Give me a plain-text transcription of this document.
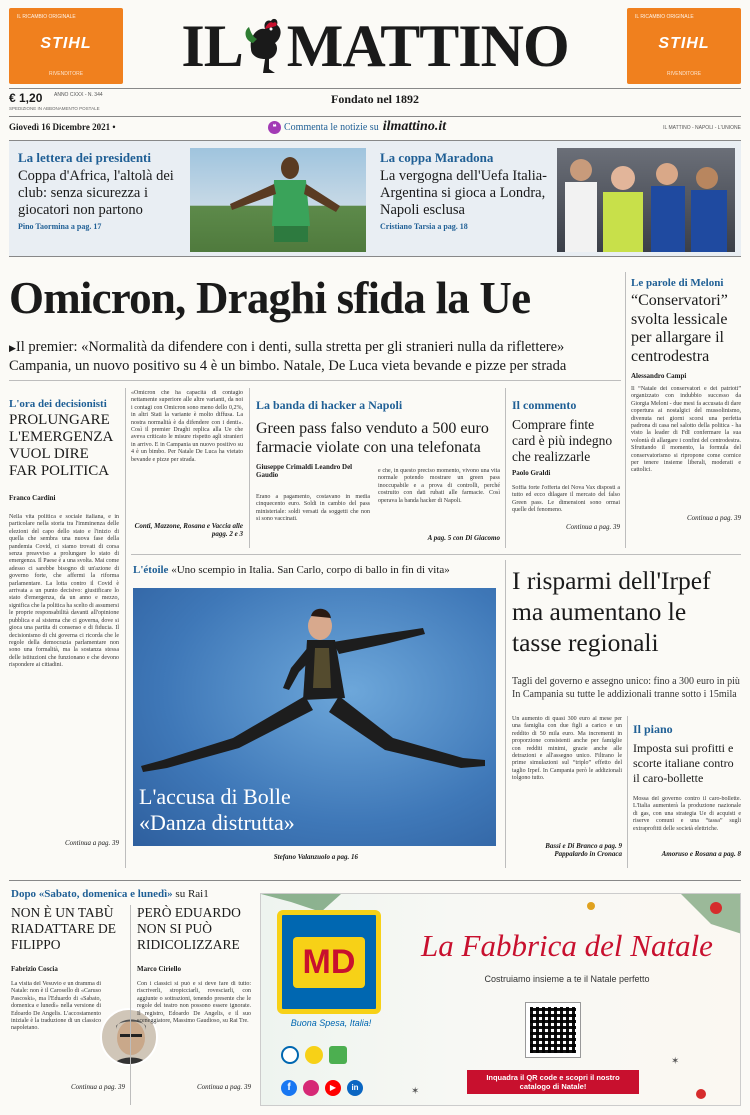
IL RICAMBIO ORIGINALE
STIHL
RIVENDITORE
IL RICAMBIO ORIGINALE
STIHL
RIVENDITORE
IL MATTINO
€ 1,20 ANNO CXXX - N. 344
SPEDIZIONE IN ABBONAMENTO POSTALE
Fondato nel 1892
Giovedì 16 Dicembre 2021 •	❝ Commenta le notizie su ilmattino.it	IL MATTINO - NAPOLI - L'UNIONE
La lettera dei presidenti
Coppa d'Africa, l'altolà dei club: senza sicurezza i giocatori non partono
Pino Taormina a pag. 17
La coppa Maradona
La vergogna dell'Uefa Italia-Argentina si gioca a Londra, Napoli esclusa
Cristiano Tarsia a pag. 18
Omicron, Draghi sfida la Ue
▶Il premier: «Normalità da difendere con i denti, sulla stretta per gli stranieri nulla da riflettere»
Campania, un nuovo positivo su 4 è un bimbo. Natale, De Luca vieta bevande e pizze per strada
Le parole di Meloni
“Conservatori” svolta lessicale per allargare il centrodestra
Alessandro Campi
Il “Natale dei conservatori e dei patrioti” organizzato con indubbio successo da Giorgia Meloni - due mesi fa accusata di dare copertura ai nostalgici del mussolinismo, divenuta nei giorni scorsi una perfetta padrona di casa nel salotto della politica - ha visto la leader di FdI confermare la sua volontà di allargare i confini del centrodestra. Sfruttando il momento, la formula del conservatorismo si ripropone come cornice per tenere insieme liberali, moderati e cattolici.
Continua a pag. 39
L'ora dei decisionisti
PROLUNGARE L'EMERGENZA VUOL DIRE FAR POLITICA
Franco Cardini
Nella vita politica e sociale italiana, e in particolare nella storia tra l'imminenza delle elezioni del capo dello stato e l'inizio di quella che sembra una nuova fase della pandemia Covid, ci siamo trovati di corsa senza preavviso a prolungare lo stato di emergenza. Il Paese è a una svolta. Mai come adesso ci sarebbe bisogno di un'azione di governo forte, che affermi la riforma parlamentare. La lotta contro il Covid è arrivata a un punto decisivo: giustificare lo stato d'emergenza, da un anno e mezzo, significa che la politica ha scelto di assumersi le proprie responsabilità davanti all'opinione pubblica e al sistema che ci governa, dove si gioca una partita di consenso e di fiducia. Il decisionismo di chi governa ci ricorda che le regole della democrazia parlamentare non sono una formalità, ma la sostanza stessa delle istituzioni che funzionano e che devono rispondere ai cittadini.
Continua a pag. 39
«Omicron che ha capacità di contagio nettamente superiore alle altre varianti, da noi i contagi con Omicron sono meno dello 0,2%, in altri Stati la variante è molto diffusa. La nostra normalità è da difendere con i denti». Così il premier Draghi replica alla Ue che aveva criticato le misure rispetto agli stranieri in arrivo. E in Campania un nuovo positivo su 4 è un bimbo. Per Natale De Luca ha vietato bevande e pizze per strada.
Conti, Mazzone, Rosana e Vaccia alle pagg. 2 e 3
La banda di hacker a Napoli
Green pass falso venduto a 500 euro farmacie violate con una telefonata
Giuseppe Crimaldi Leandro Del Gaudio
Erano a pagamento, costavano in media cinquecento euro. Soldi in cambio del pass ministeriale: soldi versati da soggetti che non si sono vaccinati.
e che, in questo preciso momento, vivono una vita normale potendo mostrare un green pass inoccupabile e a prova di controlli, perché costruito con dati rubati alle farmacie. Così operava la banda hacker di Napoli.
A pag. 5 con Di Giacomo
Il commento
Comprare finte card è più indegno che realizzarle
Paolo Graldi
Soffia forte l'offerta del Nova Vax disposti a tutto ed ecco dilagare il mercato del falso Green pass. Le dimensioni sono ormai quelle del fenomeno.
Continua a pag. 39
L'étoile «Uno scempio in Italia. San Carlo, corpo di ballo in fin di vita»
L'accusa di Bolle
«Danza distrutta»
Stefano Valanzuolo a pag. 16
I risparmi dell'Irpef ma aumentano le tasse regionali
Tagli del governo e assegno unico: fino a 300 euro in più In Campania su tutte le addizionali tranne sotto i 15mila
Un aumento di quasi 300 euro al mese per una famiglia con due figli a carico e un reddito di 50 mila euro. Ma incrementi in proporzione consistenti anche per famiglie con redditi minimi, grazie anche alle detrazioni e all'assegno unico. Filtrano le prime simulazioni sul “triplo” effetto del taglio Irpef. In Campania però le addizionali tolgono tutto.
Bassi e Di Branco a pag. 9 Pappalardo in Cronaca
Il piano
Imposta sui profitti e scorte italiane contro il caro-bollette
Mossa del governo contro il caro-bollette. L'Italia aumenterà la produzione nazionale di gas, con una strategia Ue di acquisti e riserve comuni e una “tassa” sugli extraprofitti delle società elettriche.
Amoruso e Rosana a pag. 8
Dopo «Sabato, domenica e lunedì» su Rai1
NON È UN TABÙ RIADATTARE DE FILIPPO
Fabrizio Coscia
La visita del Vesuvio e un dramma di Natale: non è il Carosello di «Caruso Pascoski», ma l'Eduardo di «Sabato, domenica e lunedì» nella versione di Edoardo De Angelis. L'accostamento iniziale è la traduzione di un classico napoletano.
Continua a pag. 39
PERÒ EDUARDO NON SI PUÒ RIDICOLIZZARE
Marco Ciriello
Con i classici si può e si deve fare di tutto: riscriverli, stropicciarli, rovesciarli, con aggiunte o sottrazioni, tenendo presente che le regole del teatro non possono essere ignorate. Il registro, Edoardo De Angelis, e il suo sceneggiatore, Massimo Gaudioso, su Rai Tre.
Continua a pag. 39	✶
✶
MD
Buona Spesa, Italia!
f	▶	in
La Fabbrica del Natale
Costruiamo insieme a te il Natale perfetto
Inquadra il QR code e scopri il nostro catalogo di Natale!
